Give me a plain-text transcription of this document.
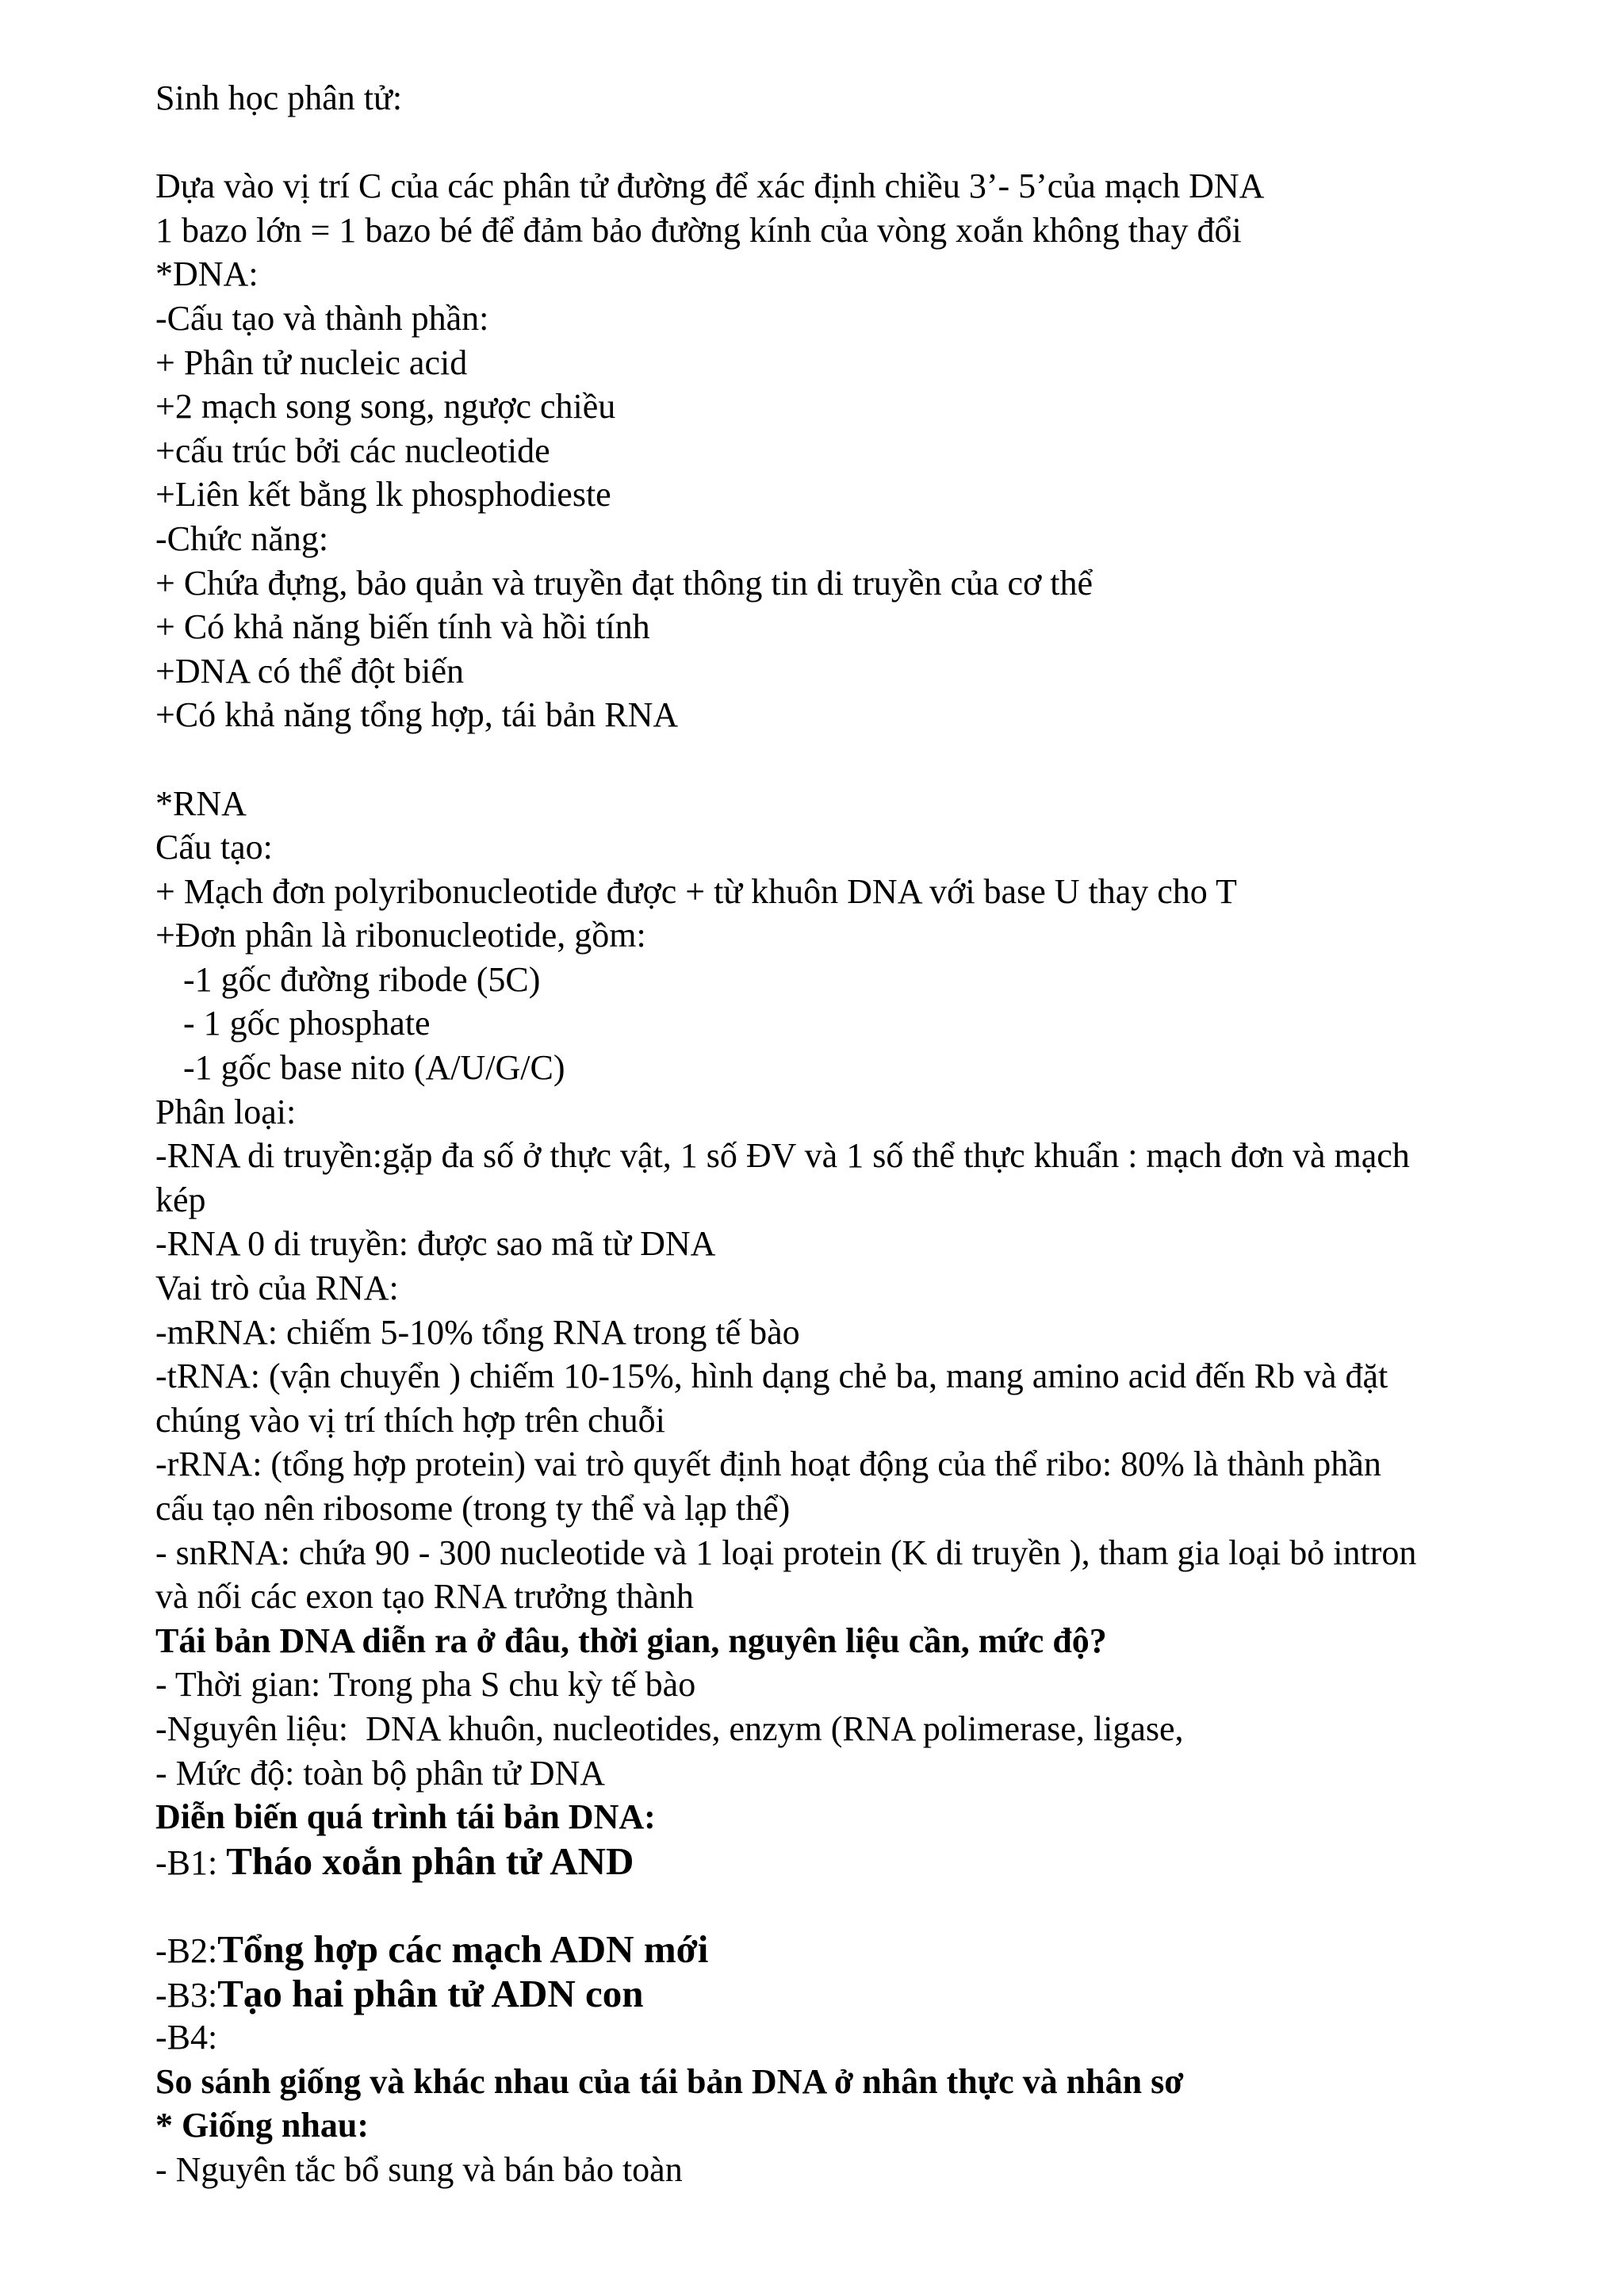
Sinh học phân tử:
Dựa vào vị trí C của các phân tử đường để xác định chiều 3’- 5’của mạch DNA
1 bazo lớn = 1 bazo bé để đảm bảo đường kính của vòng xoắn không thay đổi
*DNA:
-Cấu tạo và thành phần:
+ Phân tử nucleic acid
+2 mạch song song, ngược chiều
+cấu trúc bởi các nucleotide
+Liên kết bằng lk phosphodieste
-Chức năng:
+ Chứa đựng, bảo quản và truyền đạt thông tin di truyền của cơ thể
+ Có khả năng biến tính và hồi tính
+DNA có thể đột biến
+Có khả năng tổng hợp, tái bản RNA
*RNA
Cấu tạo:
+ Mạch đơn polyribonucleotide được + từ khuôn DNA với base U thay cho T
+Đơn phân là ribonucleotide, gồm:
-1 gốc đường ribode (5C)
- 1 gốc phosphate
-1 gốc base nito (A/U/G/C)
Phân loại:
-RNA di truyền:gặp đa số ở thực vật, 1 số ĐV và 1 số thể thực khuẩn : mạch đơn và mạch
kép
-RNA 0 di truyền: được sao mã từ DNA
Vai trò của RNA:
-mRNA: chiếm 5-10% tổng RNA trong tế bào
-tRNA: (vận chuyển ) chiếm 10-15%, hình dạng chẻ ba, mang amino acid đến Rb và đặt
chúng vào vị trí thích hợp trên chuỗi
-rRNA: (tổng hợp protein) vai trò quyết định hoạt động của thể ribo: 80% là thành phần
cấu tạo nên ribosome (trong ty thể và lạp thể)
- snRNA: chứa 90 - 300 nucleotide và 1 loại protein (K di truyền ), tham gia loại bỏ intron
và nối các exon tạo RNA trưởng thành
Tái bản DNA diễn ra ở đâu, thời gian, nguyên liệu cần, mức độ?
- Thời gian: Trong pha S chu kỳ tế bào
-Nguyên liệu:  DNA khuôn, nucleotides, enzym (RNA polimerase, ligase,
- Mức độ: toàn bộ phân tử DNA
Diễn biến quá trình tái bản DNA:
-B1: Tháo xoắn phân tử AND
-B2:Tổng hợp các mạch ADN mới
-B3:Tạo hai phân tử ADN con
-B4:
So sánh giống và khác nhau của tái bản DNA ở nhân thực và nhân sơ
* Giống nhau:
- Nguyên tắc bổ sung và bán bảo toàn
